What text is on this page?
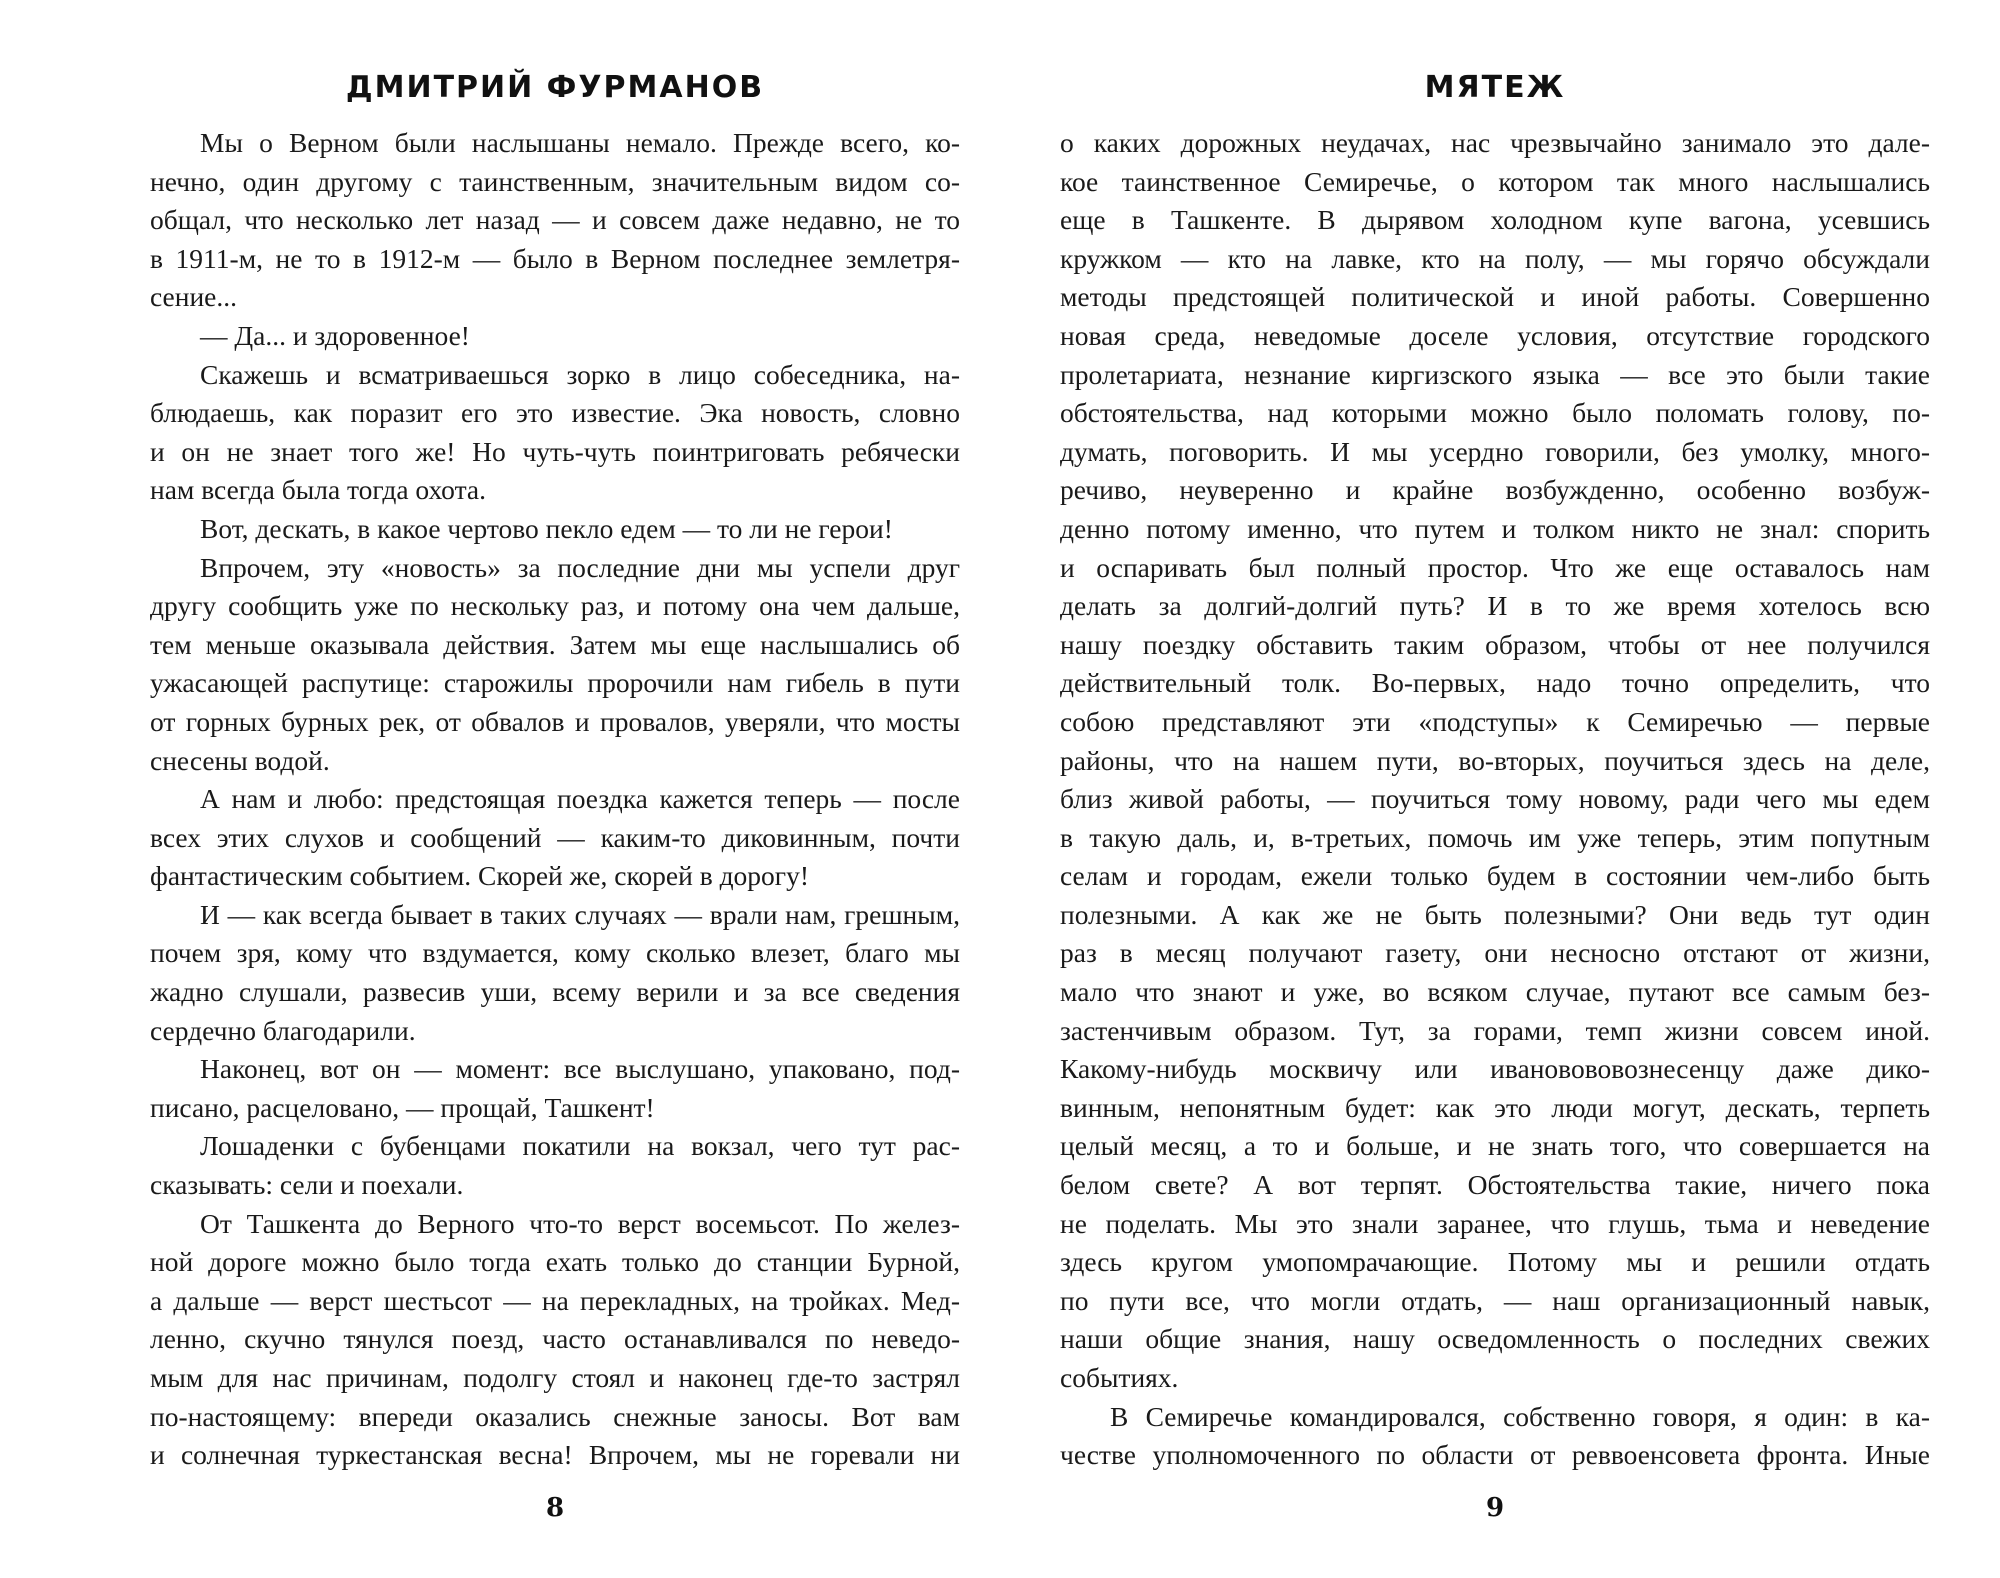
ДМИТРИЙ ФУРМАНОВ
Мы о Верном были наслышаны немало. Прежде всего, ко-
нечно, один другому с таинственным, значительным видом со-
общал, что несколько лет назад — и совсем даже недавно, не то
в 1911-м, не то в 1912-м — было в Верном последнее землетря-
сение...
— Да... и здоровенное!
Скажешь и всматриваешься зорко в лицо собеседника, на-
блюдаешь, как поразит его это известие. Эка новость, словно
и он не знает того же! Но чуть-чуть поинтриговать ребячески
нам всегда была тогда охота.
Вот, дескать, в какое чертово пекло едем — то ли не герои!
Впрочем, эту «новость» за последние дни мы успели друг
другу сообщить уже по нескольку раз, и потому она чем дальше,
тем меньше оказывала действия. Затем мы еще наслышались об
ужасающей распутице: старожилы пророчили нам гибель в пути
от горных бурных рек, от обвалов и провалов, уверяли, что мосты
снесены водой.
А нам и любо: предстоящая поездка кажется теперь — после
всех этих слухов и сообщений — каким-то диковинным, почти
фантастическим событием. Скорей же, скорей в дорогу!
И — как всегда бывает в таких случаях — врали нам, грешным,
почем зря, кому что вздумается, кому сколько влезет, благо мы
жадно слушали, развесив уши, всему верили и за все сведения
сердечно благодарили.
Наконец, вот он — момент: все выслушано, упаковано, под-
писано, расцеловано, — прощай, Ташкент!
Лошаденки с бубенцами покатили на вокзал, чего тут рас-
сказывать: сели и поехали.
От Ташкента до Верного что-то верст восемьсот. По желез-
ной дороге можно было тогда ехать только до станции Бурной,
а дальше — верст шестьсот — на перекладных, на тройках. Мед-
ленно, скучно тянулся поезд, часто останавливался по неведо-
мым для нас причинам, подолгу стоял и наконец где-то застрял
по-настоящему: впереди оказались снежные заносы. Вот вам
и солнечная туркестанская весна! Впрочем, мы не горевали ни
8
МЯТЕЖ
о каких дорожных неудачах, нас чрезвычайно занимало это дале-
кое таинственное Семиречье, о котором так много наслышались
еще в Ташкенте. В дырявом холодном купе вагона, усевшись
кружком — кто на лавке, кто на полу, — мы горячо обсуждали
методы предстоящей политической и иной работы. Совершенно
новая среда, неведомые доселе условия, отсутствие городского
пролетариата, незнание киргизского языка — все это были такие
обстоятельства, над которыми можно было поломать голову, по-
думать, поговорить. И мы усердно говорили, без умолку, много-
речиво, неуверенно и крайне возбужденно, особенно возбуж-
денно потому именно, что путем и толком никто не знал: спорить
и оспаривать был полный простор. Что же еще оставалось нам
делать за долгий-долгий путь? И в то же время хотелось всю
нашу поездку обставить таким образом, чтобы от нее получился
действительный толк. Во-первых, надо точно определить, что
собою представляют эти «подступы» к Семиречью — первые
районы, что на нашем пути, во-вторых, поучиться здесь на деле,
близ живой работы, — поучиться тому новому, ради чего мы едем
в такую даль, и, в-третьих, помочь им уже теперь, этим попутным
селам и городам, ежели только будем в состоянии чем-либо быть
полезными. А как же не быть полезными? Они ведь тут один
раз в месяц получают газету, они несносно отстают от жизни,
мало что знают и уже, во всяком случае, путают все самым без-
застенчивым образом. Тут, за горами, темп жизни совсем иной.
Какому-нибудь москвичу или ивановововознесенцу даже дико-
винным, непонятным будет: как это люди могут, дескать, терпеть
целый месяц, а то и больше, и не знать того, что совершается на
белом свете? А вот терпят. Обстоятельства такие, ничего пока
не поделать. Мы это знали заранее, что глушь, тьма и неведение
здесь кругом умопомрачающие. Потому мы и решили отдать
по пути все, что могли отдать, — наш организационный навык,
наши общие знания, нашу осведомленность о последних свежих
событиях.
В Семиречье командировался, собственно говоря, я один: в ка-
честве уполномоченного по области от реввоенсовета фронта. Иные
9
